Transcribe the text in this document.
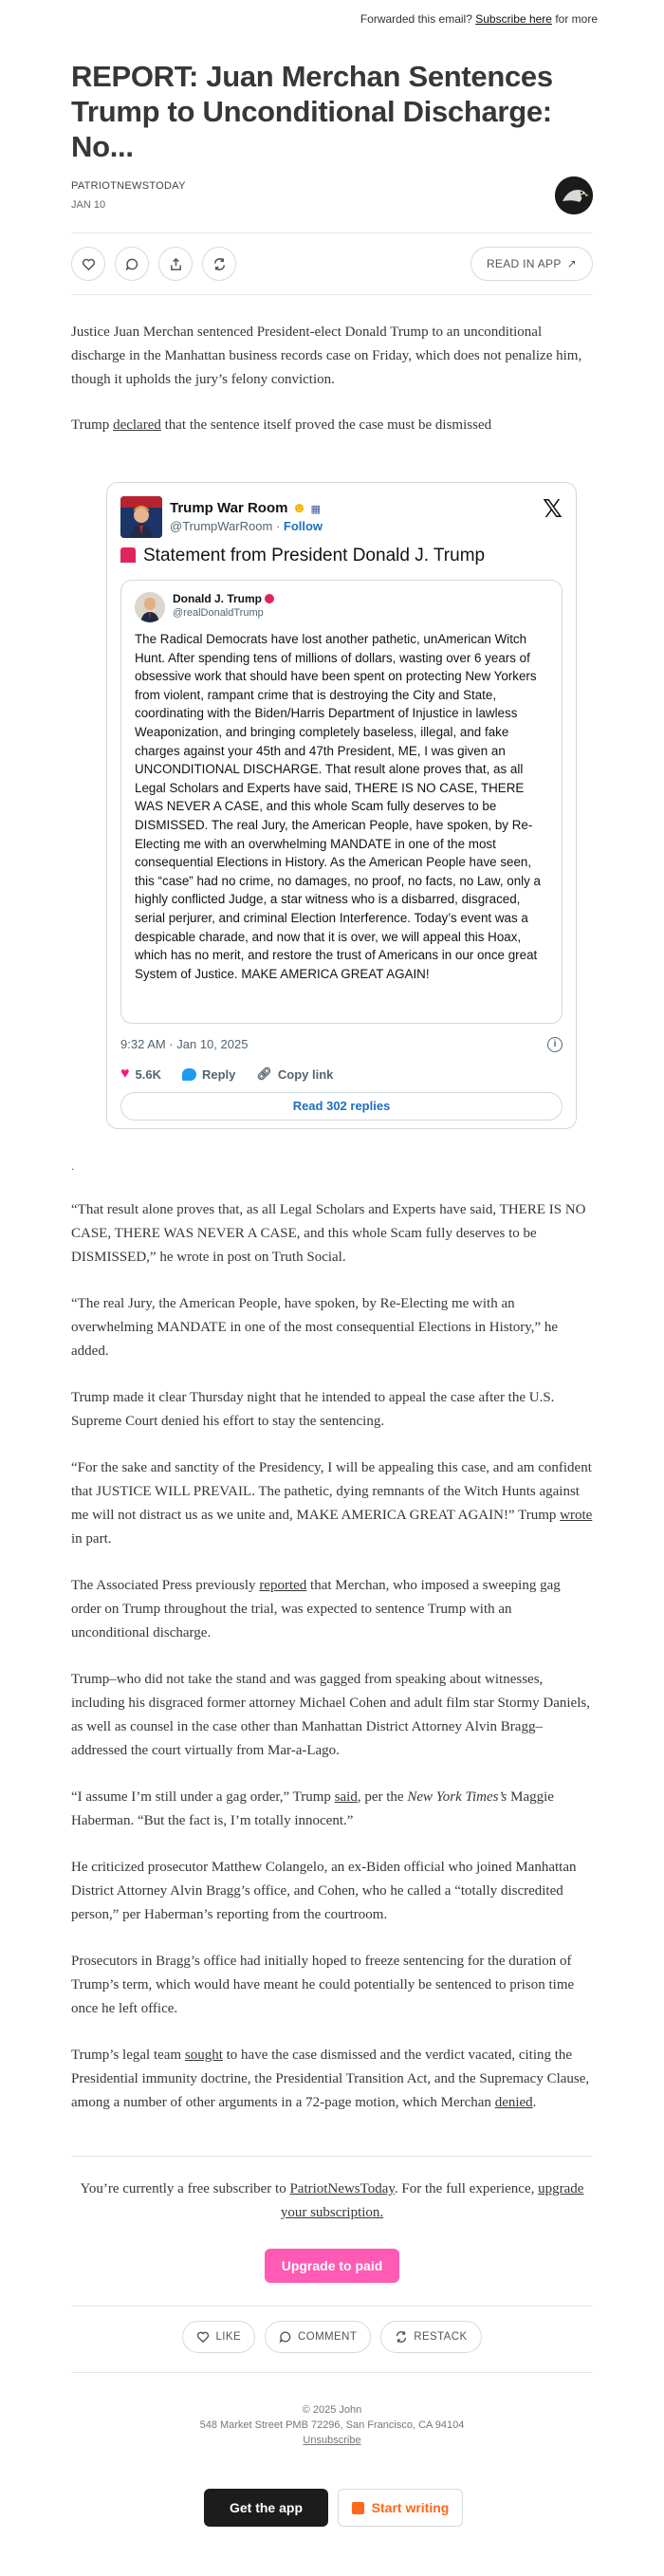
Forwarded this email? Subscribe here for more
REPORT: Juan Merchan Sentences Trump to Unconditional Discharge: No...
PATRIOTNEWSTODAY
JAN 10
READ IN APP ↗

Justice Juan Merchan sentenced President-elect Donald Trump to an unconditional discharge in the Manhattan business records case on Friday, which does not penalize him, though it upholds the jury’s felony conviction.

Trump declared that the sentence itself proved the case must be dismissed

Trump War Room ☻ ▦
@TrumpWarRoom · Follow
𝕏
Statement from President Donald J. Trump
Donald J. Trump
@realDonaldTrump
The Radical Democrats have lost another pathetic, unAmerican Witch Hunt. After spending tens of millions of dollars, wasting over 6 years of obsessive work that should have been spent on protecting New Yorkers from violent, rampant crime that is destroying the City and State, coordinating with the Biden/Harris Department of Injustice in lawless Weaponization, and bringing completely baseless, illegal, and fake charges against your 45th and 47th President, ME, I was given an UNCONDITIONAL DISCHARGE. That result alone proves that, as all Legal Scholars and Experts have said, THERE IS NO CASE, THERE WAS NEVER A CASE, and this whole Scam fully deserves to be DISMISSED. The real Jury, the American People, have spoken, by Re-Electing me with an overwhelming MANDATE in one of the most consequential Elections in History. As the American People have seen, this “case” had no crime, no damages, no proof, no facts, no Law, only a highly conflicted Judge, a star witness who is a disbarred, disgraced, serial perjurer, and criminal Election Interference. Today’s event was a despicable charade, and now that it is over, we will appeal this Hoax, which has no merit, and restore the trust of Americans in our once great System of Justice. MAKE AMERICA GREAT AGAIN!
9:32 AM · Jan 10, 2025	i
♥ 5.6K	Reply 🔗︎ Copy link
Read 302 replies
.

“That result alone proves that, as all Legal Scholars and Experts have said, THERE IS NO CASE, THERE WAS NEVER A CASE, and this whole Scam fully deserves to be DISMISSED,” he wrote in post on Truth Social.

“The real Jury, the American People, have spoken, by Re-Electing me with an overwhelming MANDATE in one of the most consequential Elections in History,” he added.

Trump made it clear Thursday night that he intended to appeal the case after the U.S. Supreme Court denied his effort to stay the sentencing.

“For the sake and sanctity of the Presidency, I will be appealing this case, and am confident that JUSTICE WILL PREVAIL. The pathetic, dying remnants of the Witch Hunts against me will not distract us as we unite and, MAKE AMERICA GREAT AGAIN!” Trump wrote in part.

The Associated Press previously reported that Merchan, who imposed a sweeping gag order on Trump throughout the trial, was expected to sentence Trump with an unconditional discharge.

Trump–who did not take the stand and was gagged from speaking about witnesses, including his disgraced former attorney Michael Cohen and adult film star Stormy Daniels, as well as counsel in the case other than Manhattan District Attorney Alvin Bragg–addressed the court virtually from Mar-a-Lago.

“I assume I’m still under a gag order,” Trump said, per the New York Times’s Maggie Haberman. “But the fact is, I’m totally innocent.”

He criticized prosecutor Matthew Colangelo, an ex-Biden official who joined Manhattan District Attorney Alvin Bragg’s office, and Cohen, who he called a “totally discredited person,” per Haberman’s reporting from the courtroom.

Prosecutors in Bragg’s office had initially hoped to freeze sentencing for the duration of Trump’s term, which would have meant he could potentially be sentenced to prison time once he left office.

Trump’s legal team sought to have the case dismissed and the verdict vacated, citing the Presidential immunity doctrine, the Presidential Transition Act, and the Supremacy Clause, among a number of other arguments in a 72-page motion, which Merchan denied.

You’re currently a free subscriber to PatriotNewsToday. For the full experience, upgrade your subscription.

Upgrade to paid
LIKE	COMMENT	RESTACK
© 2025 John
548 Market Street PMB 72296, San Francisco, CA 94104
Unsubscribe
Get the app	Start writing
